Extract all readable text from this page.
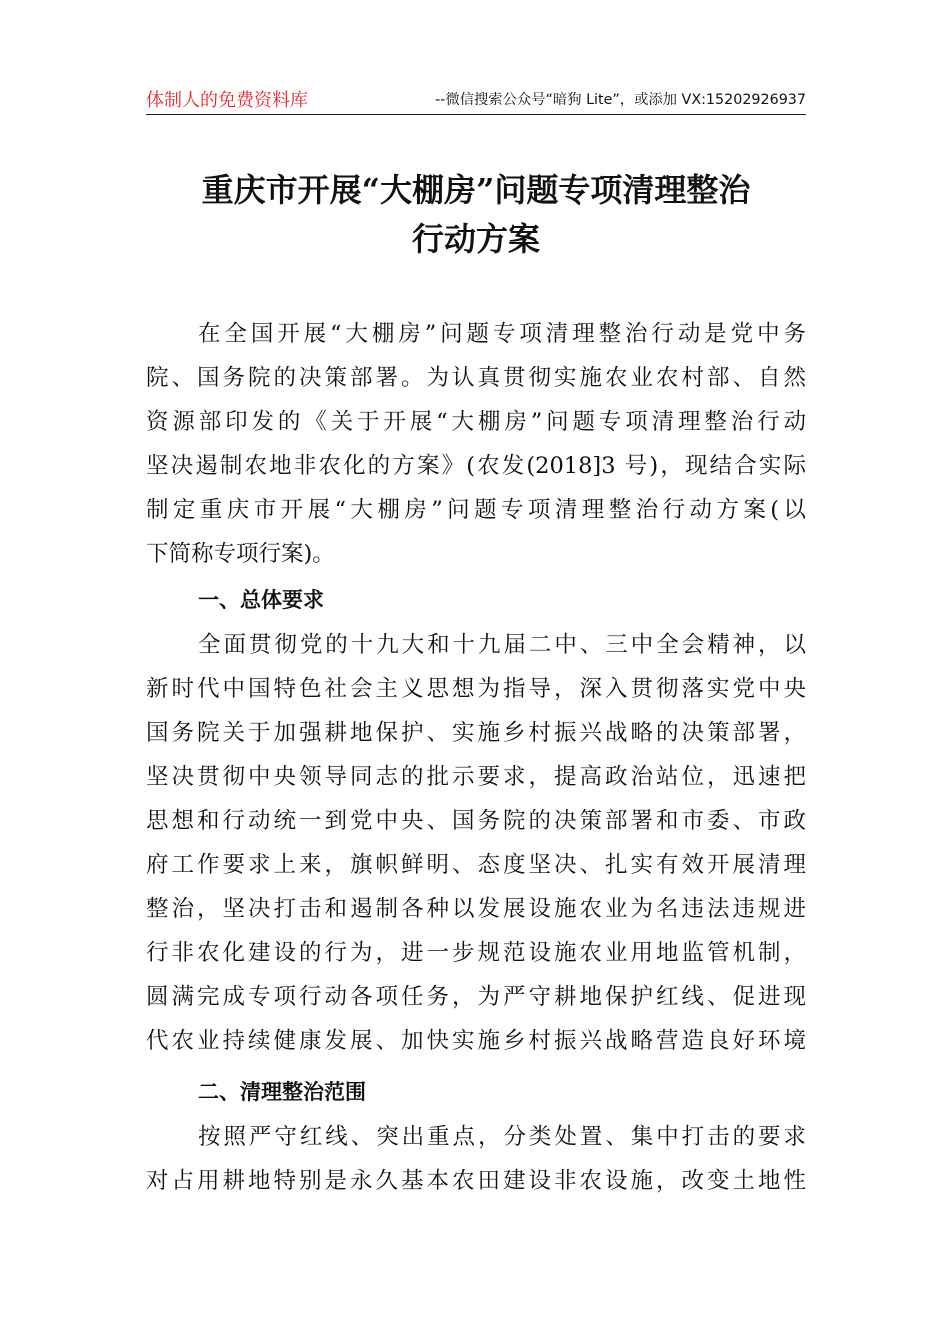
体制人的免费资料库	--微信搜索公众号“暗狗 Lite”，或添加 VX:15202926937
重庆市开展“大棚房”问题专项清理整治
行动方案
在全国开展“大棚房”问题专项清理整治行动是党中务
院、国务院的决策部署。为认真贯彻实施农业农村部、自然
资源部印发的《关于开展“大棚房”问题专项清理整治行动
坚决遏制农地非农化的方案》(农发(2018]3 号)，现结合实际
制定重庆市开展“大棚房”问题专项清理整治行动方案(以
下简称专项行案)。
一、总体要求
全面贯彻党的十九大和十九届二中、三中全会精神，以
新时代中国特色社会主义思想为指导，深入贯彻落实党中央
国务院关于加强耕地保护、实施乡村振兴战略的决策部署，
坚决贯彻中央领导同志的批示要求，提高政治站位，迅速把
思想和行动统一到党中央、国务院的决策部署和市委、市政
府工作要求上来，旗帜鲜明、态度坚决、扎实有效开展清理
整治，坚决打击和遏制各种以发展设施农业为名违法违规进
行非农化建设的行为，进一步规范设施农业用地监管机制，
圆满完成专项行动各项任务，为严守耕地保护红线、促进现
代农业持续健康发展、加快实施乡村振兴战略营造良好环境
二、清理整治范围
按照严守红线、突出重点，分类处置、集中打击的要求
对占用耕地特别是永久基本农田建设非农设施，改变土地性
